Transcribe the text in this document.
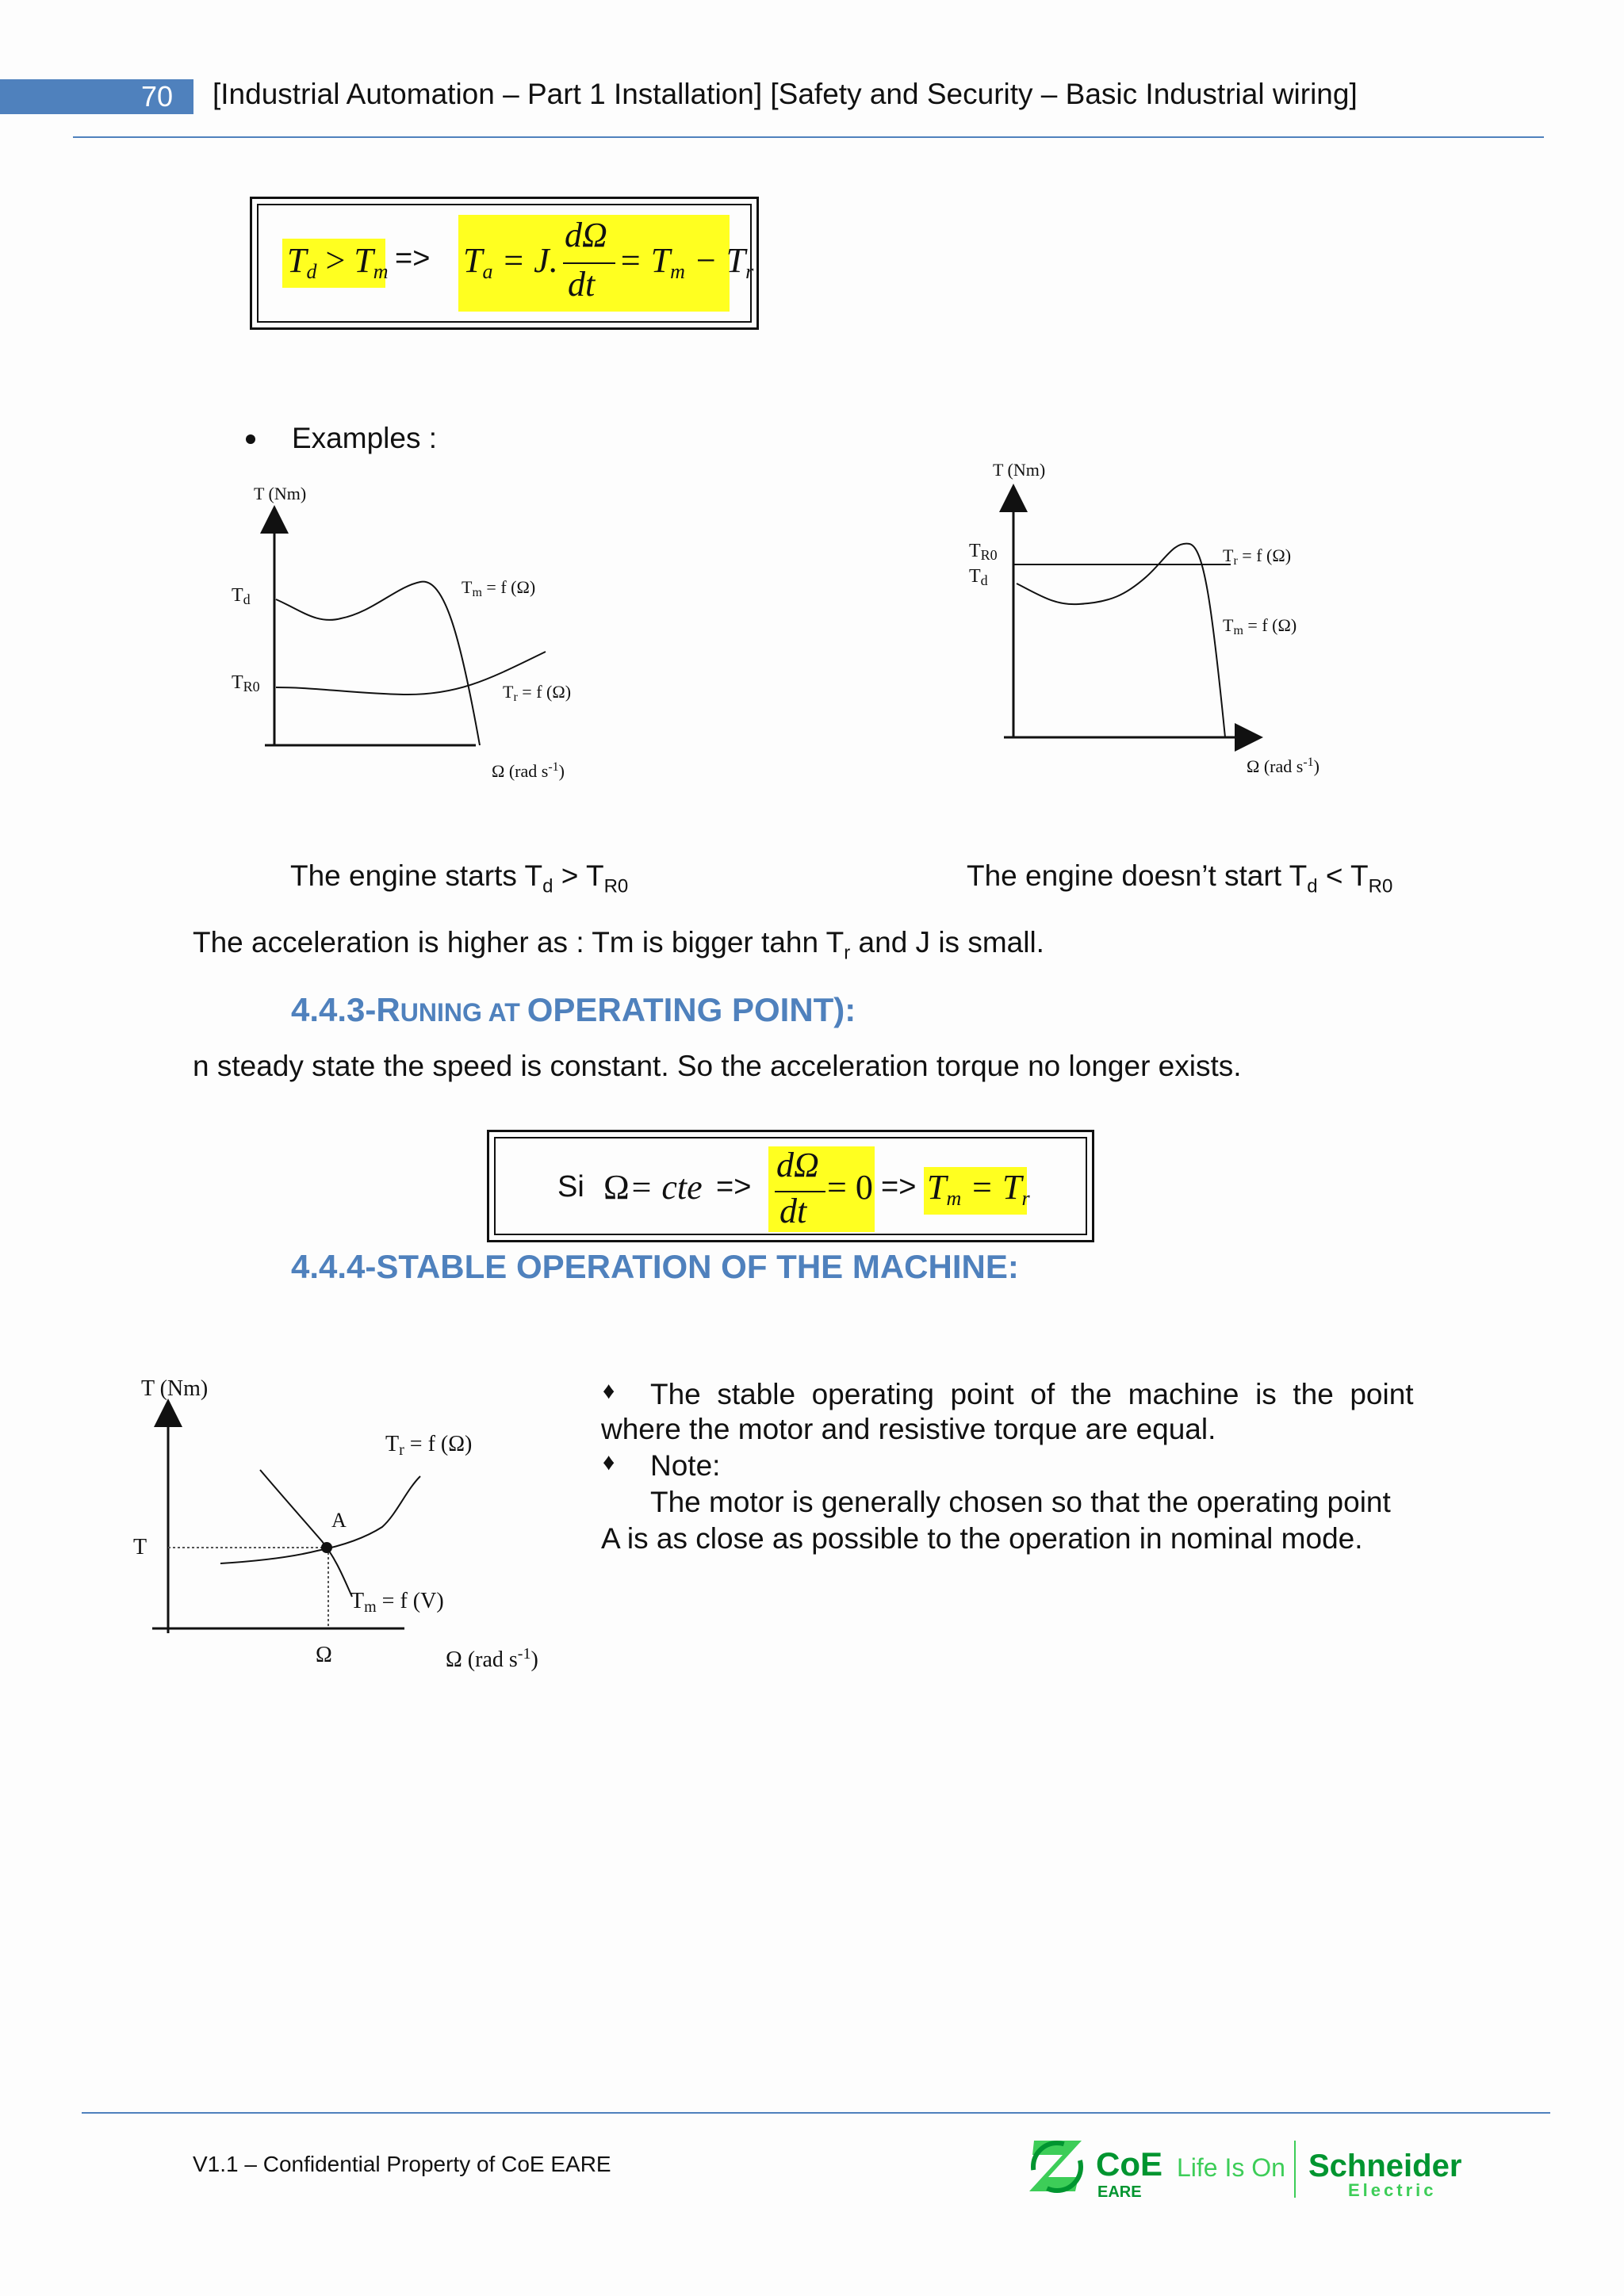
70	[Industrial Automation – Part 1 Installation] [Safety and Security – Basic Industrial wiring]
$T_d > T_m => T_a = J$.
dΩ
dt
= $T_m - T_r$
Examples :
T (Nm)
Td
TR0
Tm = f (Ω)
Tr = f (Ω)
Ω (rad $s^{-1}$)
T (Nm)
TR0
Td
Tr = f (Ω)
Tm = f (Ω)
Ω (rad $s^{-1}$)
The engine starts $T_d > T_{R0}$	The engine doesn’t start $T_d < T_{R0}$
The acceleration is higher as : Tm is bigger tahn $T_r$ and J is small.
4.4.3-RUNING AT OPERATING POINT):
n steady state the speed is constant. So the acceleration torque no longer exists.
Si Ω= cte =>
dΩ
dt
= $0 => T_m = T_r$
4.4.4-STABLE OPERATION OF THE MACHINE:
T (Nm)
Tr = f (Ω)
A
T
Tm = f (V)
Ω	Ω (rad $s^{-1}$)
♦ The  stable  operating  point  of  the  machine  is  the  point
where the motor and resistive torque are equal.
♦ Note:
The motor is generally chosen so that the operating point
A is as close as possible to the operation in nominal mode.
V1.1 – Confidential Property of CoE EARE	CoE
EARE
Life Is On Schneider
Electric
